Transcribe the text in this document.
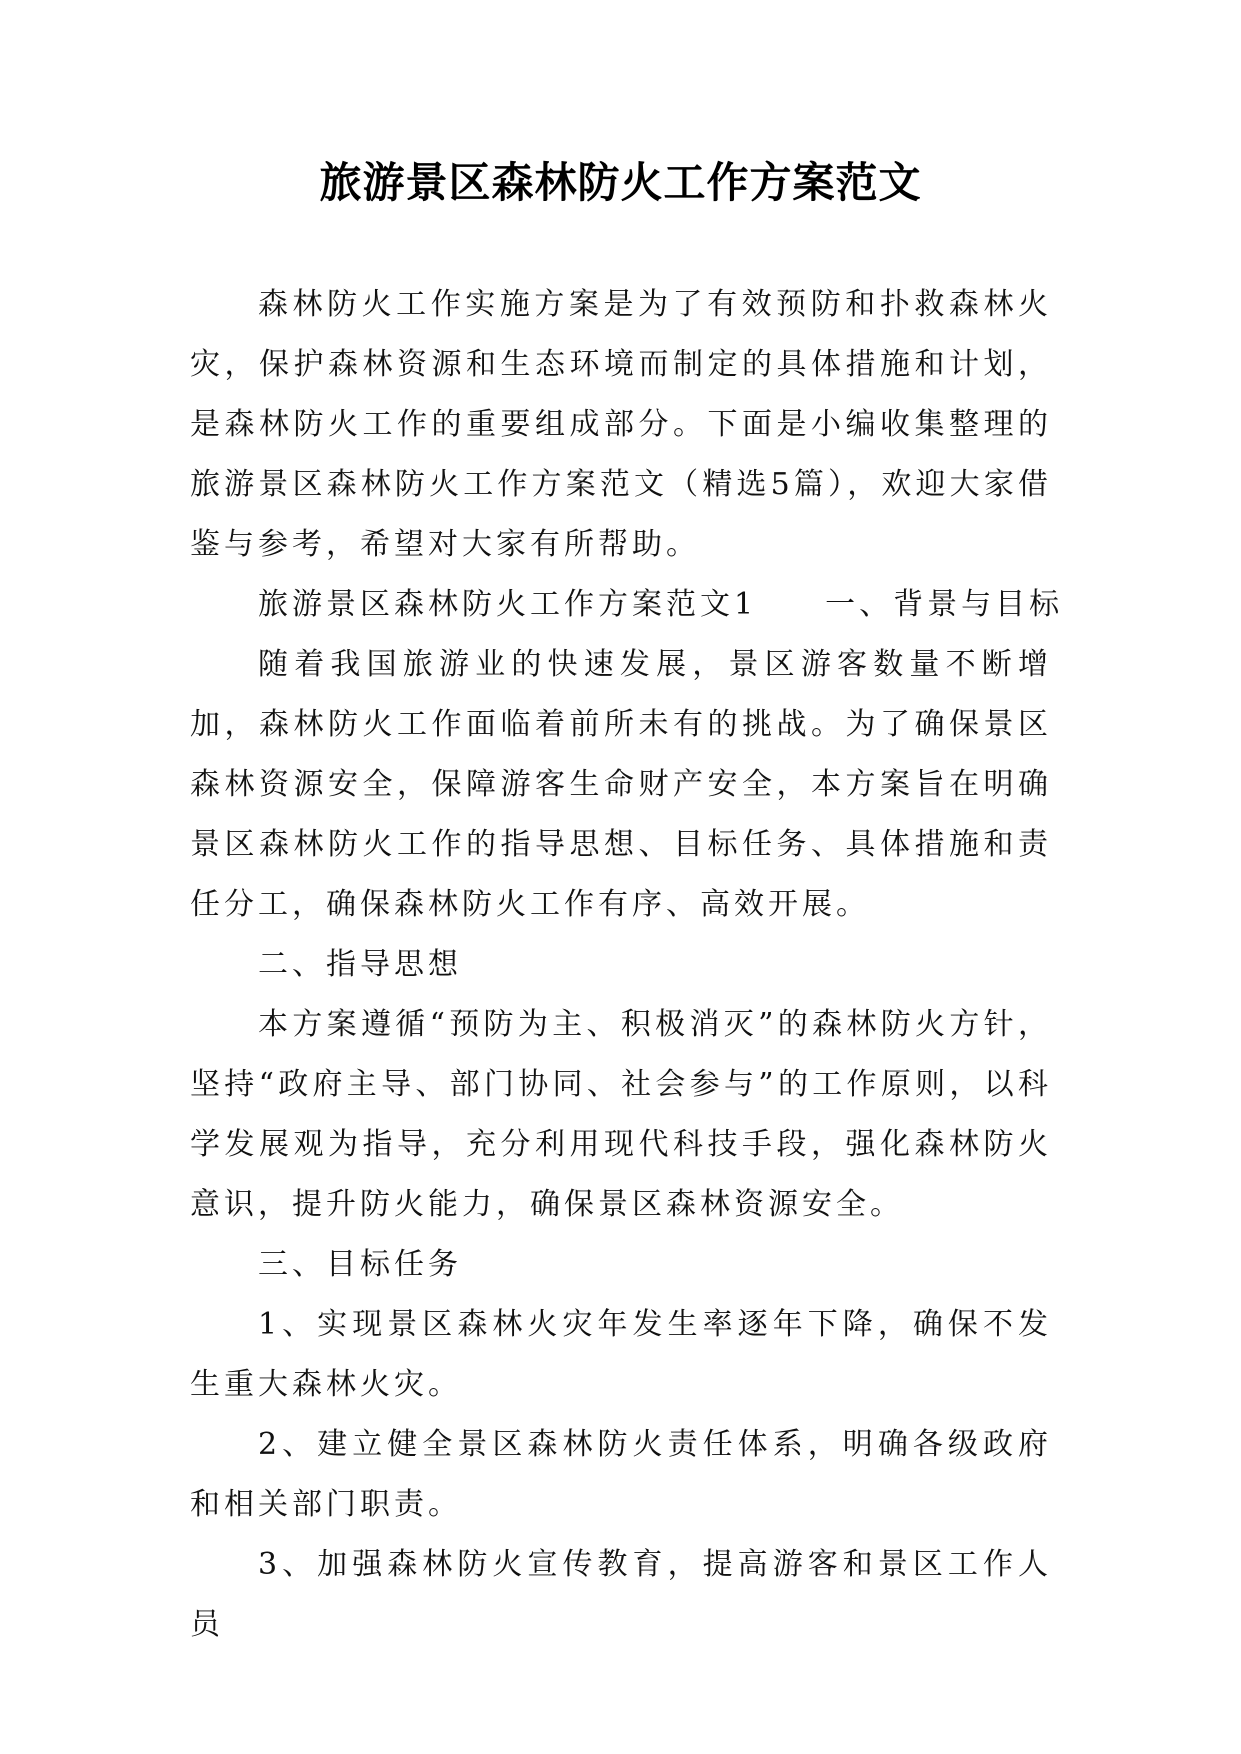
旅游景区森林防火工作方案范文

森林防火工作实施方案是为了有效预防和扑救森林火灾，保护森林资源和生态环境而制定的具体措施和计划，是森林防火工作的重要组成部分。下面是小编收集整理的旅游景区森林防火工作方案范文（精选5篇），欢迎大家借鉴与参考，希望对大家有所帮助。

旅游景区森林防火工作方案范文1　　一、背景与目标

随着我国旅游业的快速发展，景区游客数量不断增加，森林防火工作面临着前所未有的挑战。为了确保景区森林资源安全，保障游客生命财产安全，本方案旨在明确景区森林防火工作的指导思想、目标任务、具体措施和责任分工，确保森林防火工作有序、高效开展。

二、指导思想

本方案遵循“预防为主、积极消灭”的森林防火方针，坚持“政府主导、部门协同、社会参与”的工作原则，以科学发展观为指导，充分利用现代科技手段，强化森林防火意识，提升防火能力，确保景区森林资源安全。

三、目标任务

1、实现景区森林火灾年发生率逐年下降，确保不发生重大森林火灾。

2、建立健全景区森林防火责任体系，明确各级政府和相关部门职责。

3、加强森林防火宣传教育，提高游客和景区工作人员
